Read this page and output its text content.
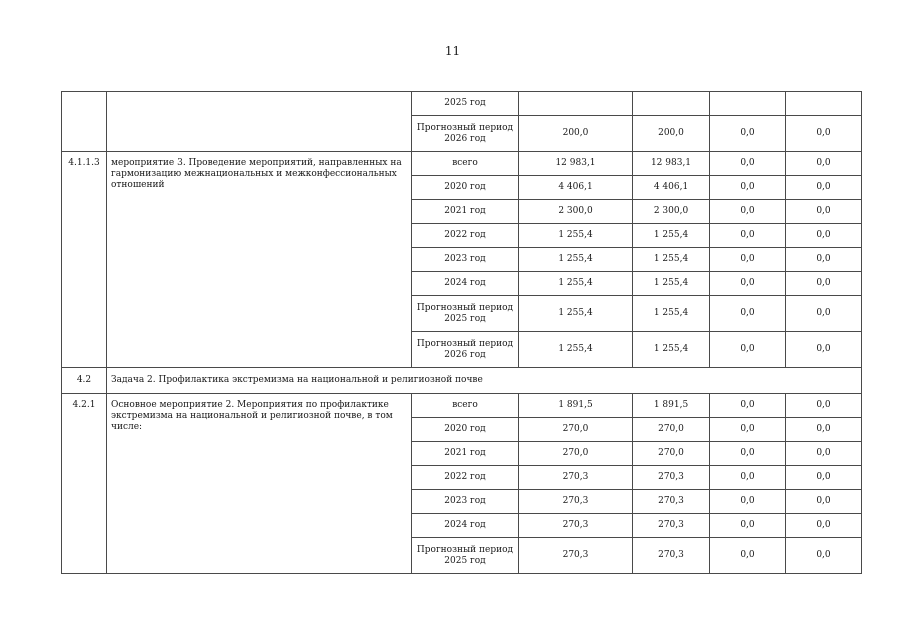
11
		2025 год				
		Прогнозный период 2026 год	200,0	200,0	0,0	0,0
4.1.1.3	мероприятие 3. Проведение мероприятий, направленных на гармонизацию межнациональных и межконфессиональных отношений	всего	12 983,1	12 983,1	0,0	0,0
		2020 год	4 406,1	4 406,1	0,0	0,0
		2021 год	2 300,0	2 300,0	0,0	0,0
		2022 год	1 255,4	1 255,4	0,0	0,0
		2023 год	1 255,4	1 255,4	0,0	0,0
		2024 год	1 255,4	1 255,4	0,0	0,0
		Прогнозный период 2025 год	1 255,4	1 255,4	0,0	0,0
		Прогнозный период 2026 год	1 255,4	1 255,4	0,0	0,0
4.2	Задача 2. Профилактика экстремизма на национальной и религиозной почве					
4.2.1	Основное мероприятие 2. Мероприятия по профилактике экстремизма на национальной и религиозной почве, в том числе:	всего	1 891,5	1 891,5	0,0	0,0
		2020 год	270,0	270,0	0,0	0,0
		2021 год	270,0	270,0	0,0	0,0
		2022 год	270,3	270,3	0,0	0,0
		2023 год	270,3	270,3	0,0	0,0
		2024 год	270,3	270,3	0,0	0,0
		Прогнозный период 2025 год	270,3	270,3	0,0	0,0
